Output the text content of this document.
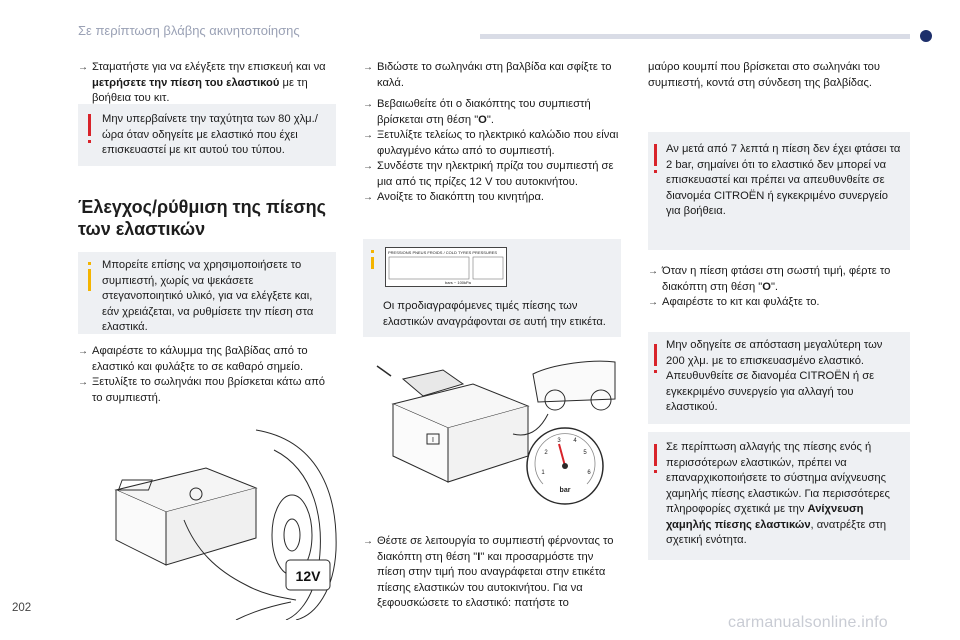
Σε περίπτωση βλάβης ακινητοποίησης

→ Σταματήστε για να ελέγξετε την επισκευή και να μετρήσετε την πίεση του ελαστικού με τη βοήθεια του κιτ.

Μην υπερβαίνετε την ταχύτητα των 80 χλμ./ώρα όταν οδηγείτε με ελαστικό που έχει επισκευαστεί με κιτ αυτού του τύπου.
Έλεγχος/ρύθμιση της πίεσης των ελαστικών
Μπορείτε επίσης να χρησιμοποιήσετε το συμπιεστή, χωρίς να ψεκάσετε στεγανοποιητικό υλικό, για να ελέγξετε και, εάν χρειάζεται, να ρυθμίσετε την πίεση στα ελαστικά.
→ Αφαιρέστε το κάλυμμα της βαλβίδας από το ελαστικό και φυλάξτε το σε καθαρό σημείο.
→ Ξετυλίξτε το σωληνάκι που βρίσκεται κάτω από το συμπιεστή.
12V
→ Βιδώστε το σωληνάκι στη βαλβίδα και σφίξτε το καλά.
→ Βεβαιωθείτε ότι ο διακόπτης του συμπιεστή βρίσκεται στη θέση "O".
→ Ξετυλίξτε τελείως το ηλεκτρικό καλώδιο που είναι φυλαγμένο κάτω από το συμπιεστή.
→ Συνδέστε την ηλεκτρική πρίζα του συμπιεστή σε μια από τις πρίζες 12 V του αυτοκινήτου.
→ Ανοίξτε το διακόπτη του κινητήρα.
PRESSIONS PNEUS FROIDS / COLD TYRES PRESSURES
bars ~ 100kPa
Οι προδιαγραφόμενες τιμές πίεσης των ελαστικών αναγράφονται σε αυτή την ετικέτα.
I
1
2
3 4
5
6
bar
→ Θέστε σε λειτουργία το συμπιεστή φέρνοντας το διακόπτη στη θέση "I" και προσαρμόστε την πίεση στην τιμή που αναγράφεται στην ετικέτα πίεσης ελαστικών του αυτοκινήτου. Για να ξεφουσκώσετε το ελαστικό: πατήστε το

μαύρο κουμπί που βρίσκεται στο σωληνάκι του συμπιεστή, κοντά στη σύνδεση της βαλβίδας.

Αν μετά από 7 λεπτά η πίεση δεν έχει φτάσει τα 2 bar, σημαίνει ότι το ελαστικό δεν μπορεί να επισκευαστεί και πρέπει να απευθυνθείτε σε διανομέα CITROËN ή εγκεκριμένο συνεργείο για βοήθεια.
→ Όταν η πίεση φτάσει στη σωστή τιμή, φέρτε το διακόπτη στη θέση "O".
→ Αφαιρέστε το κιτ και φυλάξτε το.
Μην οδηγείτε σε απόσταση μεγαλύτερη των 200 χλμ. με το επισκευασμένο ελαστικό. Απευθυνθείτε σε διανομέα CITROËN ή σε εγκεκριμένο συνεργείο για αλλαγή του ελαστικού.
Σε περίπτωση αλλαγής της πίεσης ενός ή περισσότερων ελαστικών, πρέπει να επαναρχικοποιήσετε το σύστημα ανίχνευσης χαμηλής πίεσης ελαστικών. Για περισσότερες πληροφορίες σχετικά με την Ανίχνευση χαμηλής πίεσης ελαστικών, ανατρέξτε στη σχετική ενότητα.
202
carmanualsonline.info
